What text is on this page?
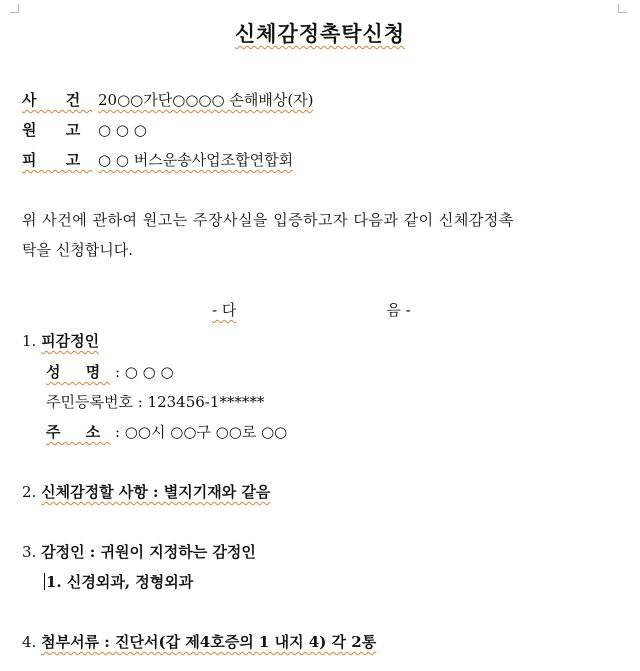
신체감정촉탁신청
사 건 20○○가단○○○○ 손해배상(자)
원 고 ○ ○ ○
피 고 ○ ○ 버스운송사업조합연합회
위 사건에 관하여 원고는 주장사실을 입증하고자 다음과 같이 신체감정촉
탁을 신청합니다.
- 다	음 -
1. 피감정인
성 명 : ○ ○ ○
주민등록번호 : 123456-1******
주 소 : ○○시 ○○구 ○○로 ○○
2. 신체감정할 사항 : 별지기재와 같음
3. 감정인 : 귀원이 지정하는 감정인
1. 신경외과, 정형외과
4. 첨부서류 : 진단서(갑 제4호증의 1 내지 4) 각 2통
